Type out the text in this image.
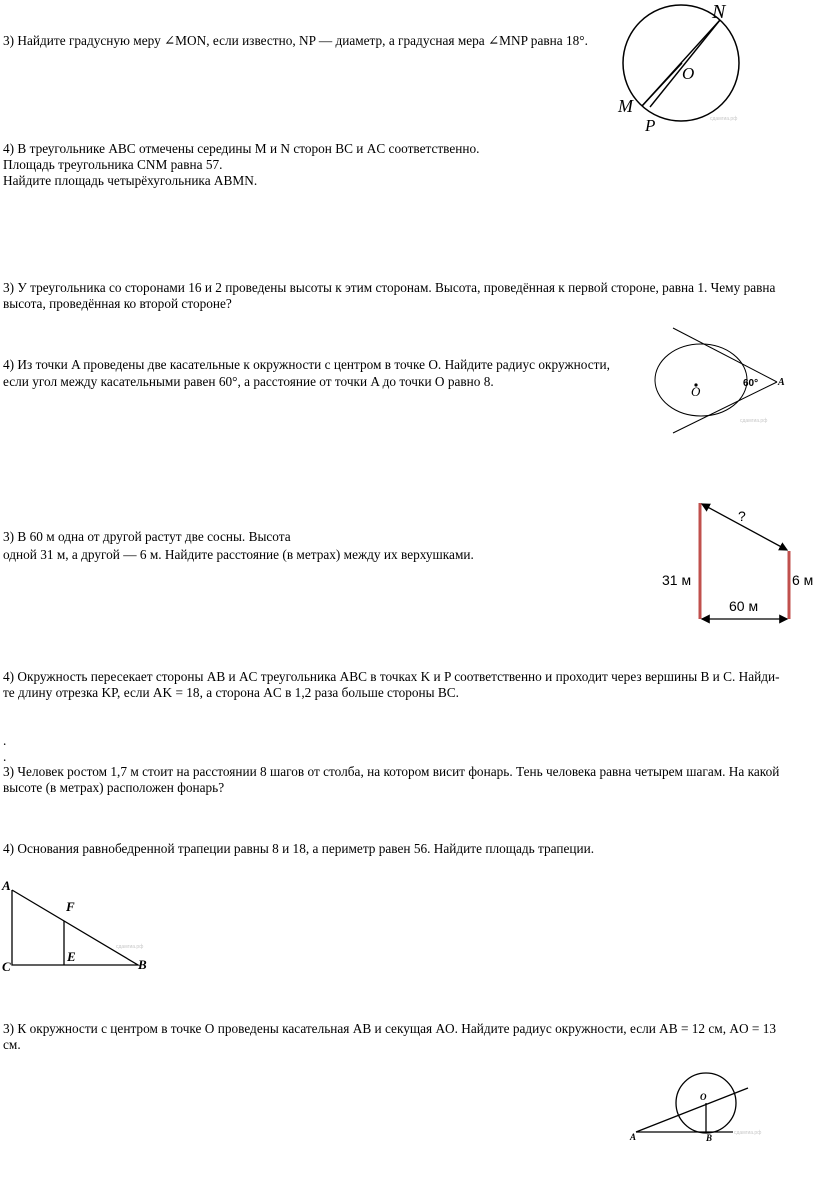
3) Найдите градусную меру ∠MON, если известно, NP — диаметр, а градусная мера ∠MNP равна 18°.

N
O
M
P	сдамгиа.рф

4) В треугольнике ABC отмечены середины M и N сторон BC и AC соответственно.

Площадь треугольника CNM равна 57.

Найдите площадь четырёхугольника ABMN.

3) У треугольника со сторонами 16 и 2 проведены высоты к этим сторонам. Высота, проведённая к первой стороне, равна 1. Чему равна высота, проведённая ко второй стороне?

4) Из точки A проведены две касательные к окружности с центром в точке O. Найдите радиус окружности,

если угол между касательными равен 60°, а расстояние от точки A до точки O равно 8.

O
60° A
сдамгиа.рф

3) В 60 м одна от другой растут две сосны. Высота

одной 31 м, а другой — 6 м. Найдите расстояние (в метрах) между их верхушками.

?
31 м	6 м
60 м

4) Окружность пересекает стороны AB и AC треугольника ABC в точках K и P соответственно и проходит через вершины B и C. Найди-те длину отрезка KP, если AK = 18, а сторона AC в 1,2 раза больше стороны BC.

.

.

3) Человек ростом 1,7 м стоит на расстоянии 8 шагов от столба, на котором висит фонарь. Тень человека равна четырем шагам. На какой высоте (в метрах) расположен фонарь?

4) Основания равнобедренной трапеции равны 8 и 18, а периметр равен 56. Найдите площадь трапеции.

A
F
C
E
B
сдамгиа.рф

3) К окружности с центром в точке O проведены касательная AB и секущая AO. Найдите радиус окружности, если AB = 12 см, AO = 13 см.

O
A	B	сдамгиа.рф
